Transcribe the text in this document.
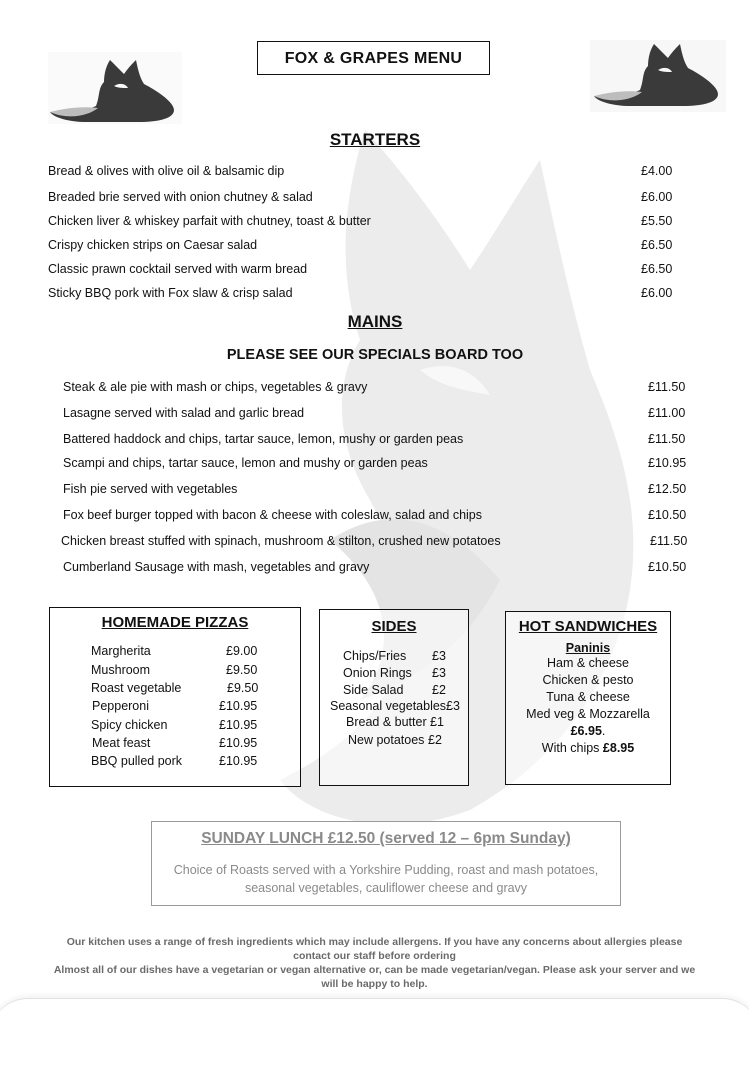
FOX & GRAPES MENU
STARTERS
Bread & olives with olive oil & balsamic dip	£4.00
Breaded brie served with onion chutney & salad	£6.00
Chicken liver & whiskey parfait with chutney, toast & butter	£5.50
Crispy chicken strips on Caesar salad	£6.50
Classic prawn cocktail served with warm bread	£6.50
Sticky BBQ pork with Fox slaw & crisp salad	£6.00
MAINS
PLEASE SEE OUR SPECIALS BOARD TOO
Steak & ale pie with mash or chips, vegetables & gravy	£11.50
Lasagne served with salad and garlic bread	£11.00
Battered haddock and chips, tartar sauce, lemon, mushy or garden peas	£11.50
Scampi and chips, tartar sauce, lemon and mushy or garden peas	£10.95
Fish pie served with vegetables	£12.50
Fox beef burger topped with bacon & cheese with coleslaw, salad and chips	£10.50
Chicken breast stuffed with spinach, mushroom & stilton, crushed new potatoes	£11.50
Cumberland Sausage with mash, vegetables and gravy	£10.50
HOMEMADE PIZZAS
Margherita	£9.00
Mushroom	£9.50
Roast vegetable	£9.50
Pepperoni	£10.95
Spicy chicken	£10.95
Meat feast	£10.95
BBQ pulled pork	£10.95
SIDES
Chips/Fries £3
Onion Rings £3
Side Salad £2
Seasonal vegetables £3
Bread & butter £1
New potatoes £2
HOT SANDWICHES
Paninis
Ham & cheese
Chicken & pesto
Tuna & cheese
Med veg & Mozzarella
£6.95.
With chips £8.95
SUNDAY LUNCH £12.50 (served 12 – 6pm Sunday)
Choice of Roasts served with a Yorkshire Pudding, roast and mash potatoes,
seasonal vegetables, cauliflower cheese and gravy
Our kitchen uses a range of fresh ingredients which may include allergens. If you have any concerns about allergies please
contact our staff before ordering
Almost all of our dishes have a vegetarian or vegan alternative or, can be made vegetarian/vegan. Please ask your server and we
will be happy to help.
